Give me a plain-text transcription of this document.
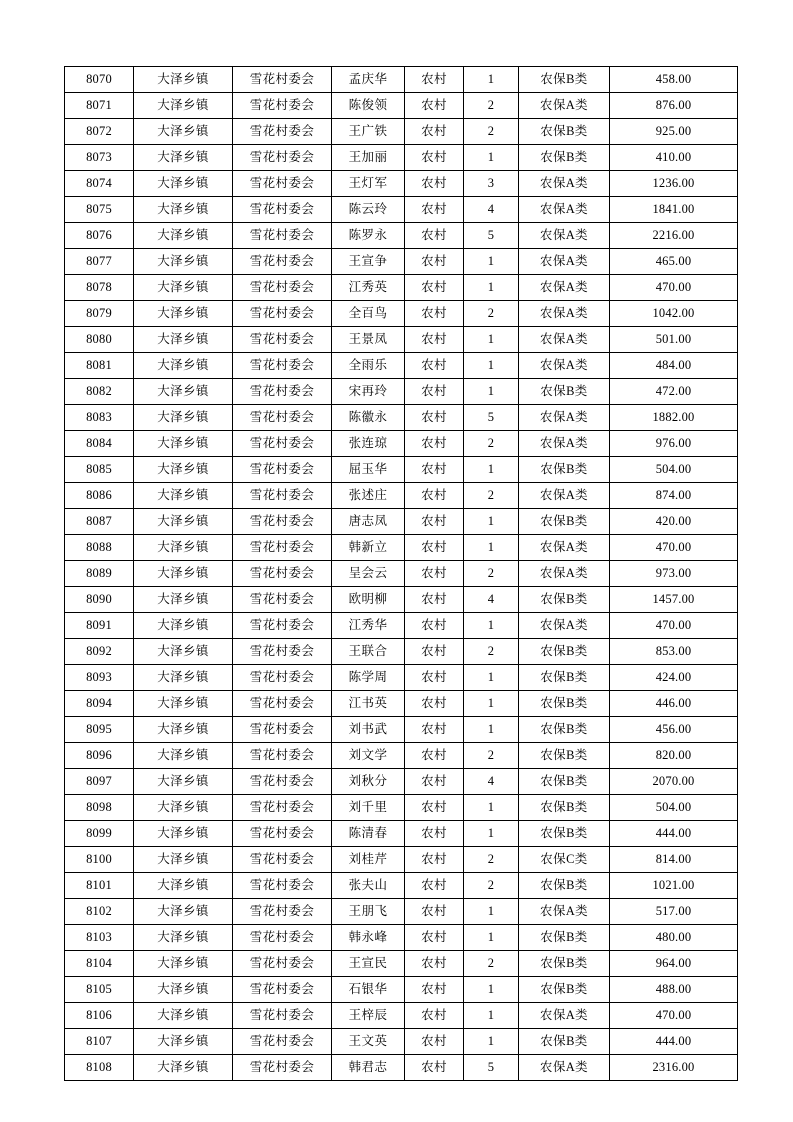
8070	大泽乡镇	雪花村委会	孟庆华	农村	1	农保B类	458.00
8071	大泽乡镇	雪花村委会	陈俊领	农村	2	农保A类	876.00
8072	大泽乡镇	雪花村委会	王广铁	农村	2	农保B类	925.00
8073	大泽乡镇	雪花村委会	王加丽	农村	1	农保B类	410.00
8074	大泽乡镇	雪花村委会	王灯军	农村	3	农保A类	1236.00
8075	大泽乡镇	雪花村委会	陈云玲	农村	4	农保A类	1841.00
8076	大泽乡镇	雪花村委会	陈罗永	农村	5	农保A类	2216.00
8077	大泽乡镇	雪花村委会	王宣争	农村	1	农保A类	465.00
8078	大泽乡镇	雪花村委会	江秀英	农村	1	农保A类	470.00
8079	大泽乡镇	雪花村委会	全百鸟	农村	2	农保A类	1042.00
8080	大泽乡镇	雪花村委会	王景凤	农村	1	农保A类	501.00
8081	大泽乡镇	雪花村委会	全雨乐	农村	1	农保A类	484.00
8082	大泽乡镇	雪花村委会	宋再玲	农村	1	农保B类	472.00
8083	大泽乡镇	雪花村委会	陈徽永	农村	5	农保A类	1882.00
8084	大泽乡镇	雪花村委会	张连琼	农村	2	农保A类	976.00
8085	大泽乡镇	雪花村委会	屈玉华	农村	1	农保B类	504.00
8086	大泽乡镇	雪花村委会	张述庄	农村	2	农保A类	874.00
8087	大泽乡镇	雪花村委会	唐志凤	农村	1	农保B类	420.00
8088	大泽乡镇	雪花村委会	韩新立	农村	1	农保A类	470.00
8089	大泽乡镇	雪花村委会	呈会云	农村	2	农保A类	973.00
8090	大泽乡镇	雪花村委会	欧明柳	农村	4	农保B类	1457.00
8091	大泽乡镇	雪花村委会	江秀华	农村	1	农保A类	470.00
8092	大泽乡镇	雪花村委会	王联合	农村	2	农保B类	853.00
8093	大泽乡镇	雪花村委会	陈学周	农村	1	农保B类	424.00
8094	大泽乡镇	雪花村委会	江书英	农村	1	农保B类	446.00
8095	大泽乡镇	雪花村委会	刘书武	农村	1	农保B类	456.00
8096	大泽乡镇	雪花村委会	刘文学	农村	2	农保B类	820.00
8097	大泽乡镇	雪花村委会	刘秋分	农村	4	农保B类	2070.00
8098	大泽乡镇	雪花村委会	刘千里	农村	1	农保B类	504.00
8099	大泽乡镇	雪花村委会	陈清春	农村	1	农保B类	444.00
8100	大泽乡镇	雪花村委会	刘桂芹	农村	2	农保C类	814.00
8101	大泽乡镇	雪花村委会	张夫山	农村	2	农保B类	1021.00
8102	大泽乡镇	雪花村委会	王朋飞	农村	1	农保A类	517.00
8103	大泽乡镇	雪花村委会	韩永峰	农村	1	农保B类	480.00
8104	大泽乡镇	雪花村委会	王宣民	农村	2	农保B类	964.00
8105	大泽乡镇	雪花村委会	石银华	农村	1	农保B类	488.00
8106	大泽乡镇	雪花村委会	王梓辰	农村	1	农保A类	470.00
8107	大泽乡镇	雪花村委会	王文英	农村	1	农保B类	444.00
8108	大泽乡镇	雪花村委会	韩君志	农村	5	农保A类	2316.00
